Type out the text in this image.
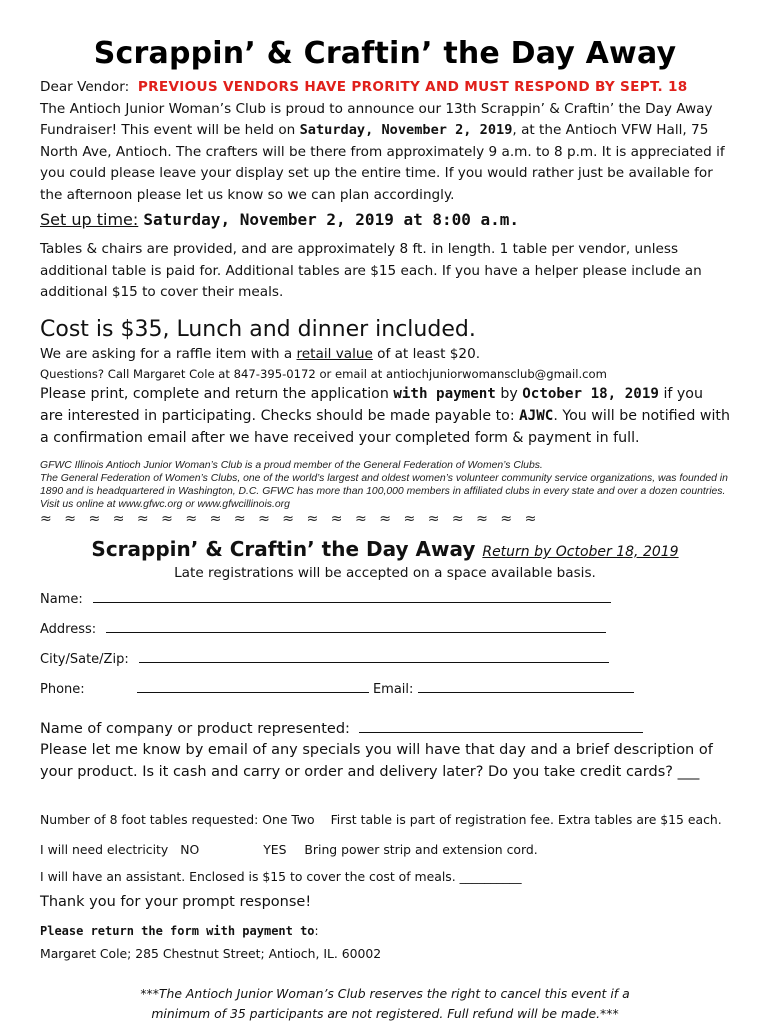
Scrappin’ & Craftin’ the Day Away

Dear Vendor: PREVIOUS VENDORS HAVE PRORITY AND MUST RESPOND BY SEPT. 18

The Antioch Junior Woman’s Club is proud to announce our 13th Scrappin’ & Craftin’ the Day Away Fundraiser! This event will be held on Saturday, November 2, 2019, at the Antioch VFW Hall, 75 North Ave, Antioch. The crafters will be there from approximately 9 a.m. to 8 p.m. It is appreciated if you could please leave your display set up the entire time. If you would rather just be available for the afternoon please let us know so we can plan accordingly.

Set up time: Saturday, November 2, 2019 at 8:00 a.m.

Tables & chairs are provided, and are approximately 8 ft. in length. 1 table per vendor, unless additional table is paid for. Additional tables are $15 each. If you have a helper please include an additional $15 to cover their meals.

Cost is $35, Lunch and dinner included.

We are asking for a raffle item with a retail value of at least $20.

Questions? Call Margaret Cole at 847-395-0172 or email at antiochjuniorwomansclub@gmail.com

Please print, complete and return the application with payment by October 18, 2019 if you are interested in participating. Checks should be made payable to: AJWC. You will be notified with a confirmation email after we have received your completed form & payment in full.

GFWC Illinois Antioch Junior Woman’s Club is a proud member of the General Federation of Women’s Clubs.
The General Federation of Women’s Clubs, one of the world’s largest and oldest women’s volunteer community service organizations, was founded in 1890 and is headquartered in Washington, D.C. GFWC has more than 100,000 members in affiliated clubs in every state and over a dozen countries. Visit us online at www.gfwc.org or www.gfwcillinois.org
≈≈≈≈≈≈≈≈≈≈≈≈≈≈≈≈≈≈≈≈≈
Scrappin’ & Craftin’ the Day Away Return by October 18, 2019
Late registrations will be accepted on a space available basis.
Name:
Address:
City/Sate/Zip:
Phone:	Email:
Name of company or product represented:

Please let me know by email of any specials you will have that day and a brief description of your product. Is it cash and carry or order and delivery later? Do you take credit cards? ___

Number of 8 foot tables requested: One Two First table is part of registration fee. Extra tables are $15 each.
I will need electricity NO	YES Bring power strip and extension cord.
I will have an assistant. Enclosed is $15 to cover the cost of meals. __________
Thank you for your prompt response!
Please return the form with payment to:
Margaret Cole; 285 Chestnut Street; Antioch, IL. 60002

***The Antioch Junior Woman’s Club reserves the right to cancel this event if a minimum of 35 participants are not registered. Full refund will be made.***
